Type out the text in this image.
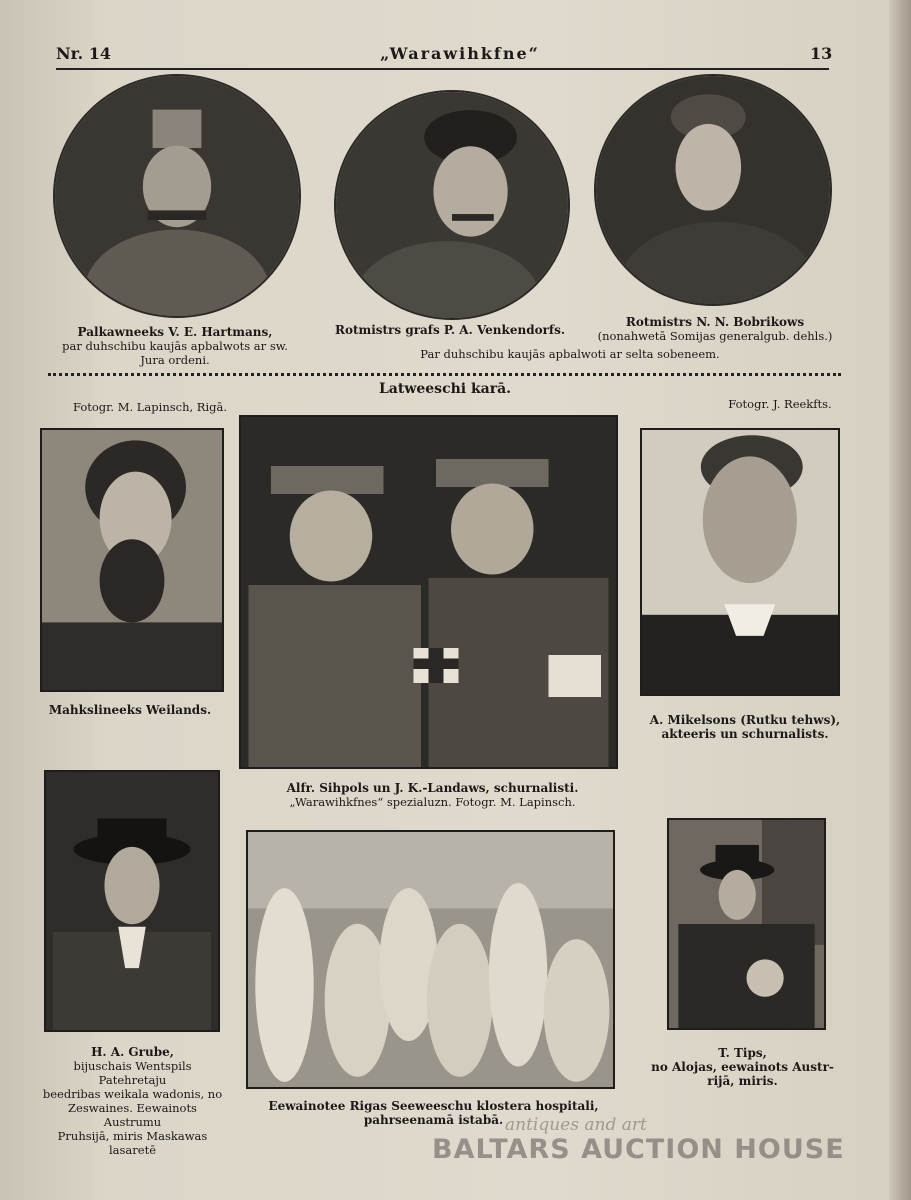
Nr. 14	„Warawihkfne“	13
Palkawneeks V. E. Hartmans,
par duhschibu kaujās apbalwots ar sw.
Jura ordeni.
Rotmistrs grafs P. A. Venkendorfs.
Rotmistrs N. N. Bobrikows
(nonahwetā Somijas generalgub. dehls.)
Par duhschibu kaujās apbalwoti ar selta sobeneem.
Latweeschi karā.
Fotogr. M. Lapinsch, Rigā.	Fotogr. J. Reekfts.
Mahkslineeks Weilands.
Alfr. Sihpols un J. K.-Landaws, schurnalisti.
„Warawihkfnes“ spezialuzn. Fotogr. M. Lapinsch.
A. Mikelsons (Rutku tehws),
akteeris un schurnalists.
H. A. Grube,
bijuschais Wentspils Patehretaju
beedribas weikala wadonis, no
Zeswaines. Eewainots Austrumu
Pruhsijā, miris Maskawas lasaretē
Eewainotee Rigas Seeweeschu klostera hospitali,
pahrseenamā istabā.
T. Tips,
no Alojas, eewainots Austr-
rijā, miris.
antiques and art
BALTARS AUCTION HOUSE
